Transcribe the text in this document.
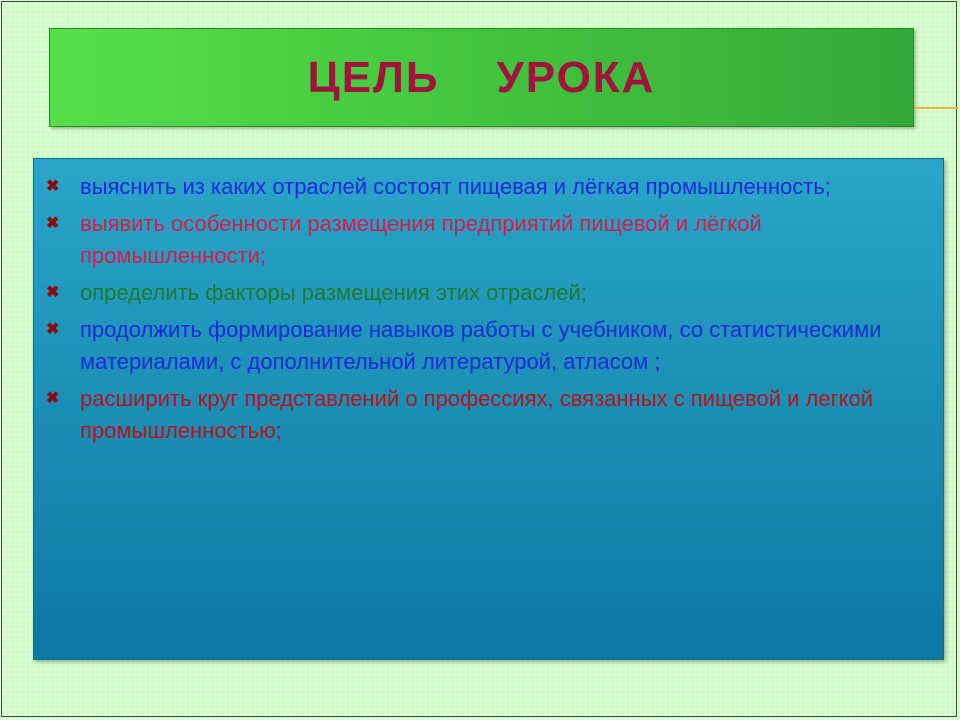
ЦЕЛЬ    УРОКА
✖ выяснить из каких отраслей состоят пищевая и лёгкая промышленность;
✖ выявить особенности размещения предприятий пищевой и лёгкой промышленности;
✖ определить факторы размещения этих отраслей;
✖ продолжить формирование навыков работы с учебником, со статистическими материалами, с дополнительной литературой, атласом ;
✖ расширить круг представлений о профессиях, связанных с пищевой и легкой промышленностью;
